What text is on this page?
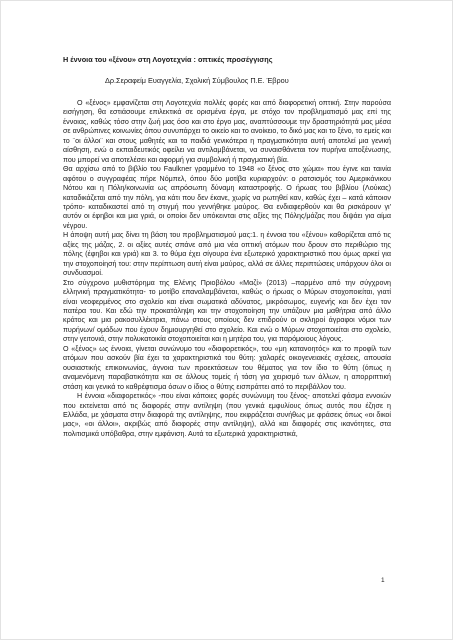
Η έννοια του «ξένου» στη Λογοτεχνία : οπτικές προσέγγισης
Δρ.Σεραφείμ Ευαγγελία, Σχολική Σύμβουλος Π.Ε. Έβρου

Ο «ξένος» εμφανίζεται στη Λογοτεχνία πολλές φορές και από διαφορετική οπτική. Στην παρούσα εισήγηση, θα εστιάσουμε επιλεκτικά σε ορισμένα έργα, με στόχο τον προβληματισμό μας επί της έννοιας, καθώς τόσο στην ζωή μας όσο και στο έργο μας, αναπτύσσουμε την δραστηριότητά μας μέσα σε ανθρώπινες κοινωνίες όπου συνυπάρχει το οικείο και το ανοίκειο, το δικό μας και το ξένο, το εμείς και το ¨οι άλλοι¨ και στους μαθητές και τα παιδιά γενικότερα η πραγματικότητα αυτή αποτελεί μια γενική αίσθηση, ενώ ο εκπαιδευτικός οφείλει να αντιλαμβάνεται, να συναισθάνεται τον πυρήνα αποξένωσης, που μπορεί να αποτελέσει και αφορμή για συμβολική ή πραγματική βία.

Θα αρχίσω από το βιβλίο του Faulkner γραμμένο το 1948 «ο ξένος στο χώμα» που έγινε και ταινία αφότου ο συγγραφέας πήρε Νόμπελ, όπου δύο μοτίβα κυριαρχούν: ο ρατσισμός του Αμερικάνικου Νότου και η Πόλη/κοινωνία ως απρόσωπη δύναμη καταστροφής. Ο ήρωας του βιβλίου (Λούκας) καταδικάζεται από την πόλη, για κάτι που δεν έκανε, χωρίς να ρωτηθεί καν, καθώς έχει – κατά κάποιον τρόπο- καταδικαστεί από τη στιγμή που γεννήθηκε μαύρος. Θα ενδιαφερθούν και θα ρισκάρουν γι' αυτόν οι έφηβοι και μια γριά, οι οποίοι δεν υπόκεινται στις αξίες της Πόλης/μάζας που διψάει για αίμα νέγρου.

Η άποψη αυτή μας δίνει τη βάση του προβληματισμού μας:1. η έννοια του «ξένου» καθορίζεται από τις αξίες της μάζας, 2. οι αξίες αυτές σπάνε από μια νέα οπτική ατόμων που δρουν στο περιθώριο της πόλης (έφηβοι και γριά) και 3. το θύμα έχει σίγουρα ένα εξωτερικό χαρακτηριστικό που όμως αρκεί για την στοχοποίησή του: στην περίπτωση αυτή είναι μαύρος, αλλά σε άλλες περιπτώσεις υπάρχουν όλοι οι συνδυασμοί.

Στο σύγχρονο μυθιστόρημα της Ελένης Πριοβόλου «Μαζί» (2013) –παρμένο από την σύγχρονη ελληνική πραγματικότητα- το μοτίβο επαναλαμβάνεται, καθώς ο ήρωας ο Μύρων στοχοποιείται, γιατί είναι νεοφερμένος στο σχολείο και είναι σωματικά αδύνατος, μικρόσωμος, ευγενής και δεν έχει τον πατέρα του. Και εδώ την προκατάληψη και την στοχοποίηση την υπάζουν μια μαθήτρια από άλλο κράτος και μια ρακοσυλλέκτρια, πάνω στους οποίους δεν επιδρούν οι σκληροί άγραφοι νόμοι των πυρήνων/ ομάδων που έχουν δημιουργηθεί στο σχολείο. Και ενώ ο Μύρων στοχοποιείται στο σχολείο, στην γειτονιά, στην πολυκατοικία στοχοποιείται και η μητέρα του, για παρόμοιους λόγους.

Ο «ξένος» ως έννοια, γίνεται συνώνυμο του «διαφορετικός», του «μη κατανοητός» και το προφίλ των ατόμων που ασκούν βία έχει τα χαρακτηριστικά του θύτη: χαλαρές οικογενειακές σχέσεις, απουσία ουσιαστικής επικοινωνίας, άγνοια των προεκτάσεων του θέματος για τον ίδιο το θύτη (όπως η αναμενόμενη παραβατικότητα και σε άλλους τομείς ή τάση για χειρισμό των άλλων, η απορριπτική στάση και γενικά το καθρέφτισμα όσων ο ίδιος ο θύτης εισπράττει από το περιβάλλον του.

Η έννοια «διαφορετικός» -που είναι κάποιες φορές συνώνυμη του ξένος- αποτελεί φάσμα εννοιών που εκτείνεται από τις διαφορές στην αντίληψη (που γενικά εμφυλίους όπως αυτός που έζησε η Ελλάδα, με χάσματα στην διαφορά της αντίληψης, που εκφράζεται συνήθως με φράσεις όπως «οι δικοί μας», «οι άλλοι», ακριβώς από διαφορές στην αντίληψη), αλλά και διαφορές στις ικανότητες, στα πολιτισμικά υπόβαθρα, στην εμφάνιση. Αυτά τα εξωτερικά χαρακτηριστικά,

1
